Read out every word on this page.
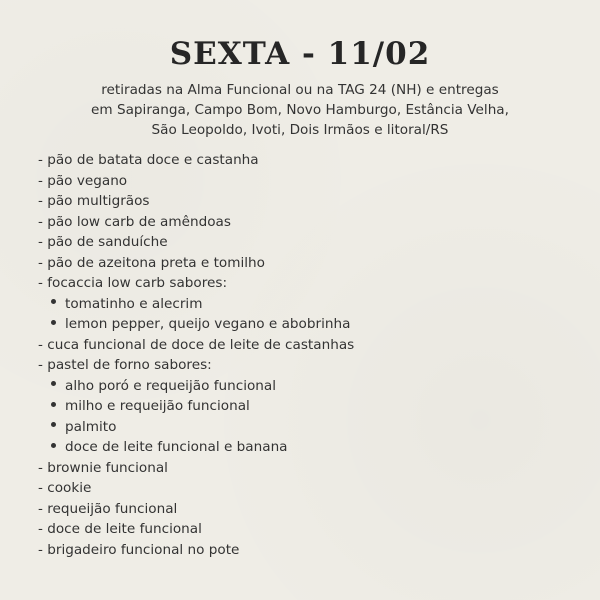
SEXTA - 11/02
retiradas na Alma Funcional ou na TAG 24 (NH) e entregas
em Sapiranga, Campo Bom, Novo Hamburgo, Estância Velha,
São Leopoldo, Ivoti, Dois Irmãos e litoral/RS
- pão de batata doce e castanha
- pão vegano
- pão multigrãos
- pão low carb de amêndoas
- pão de sanduíche
- pão de azeitona preta e tomilho
- focaccia low carb sabores:
tomatinho e alecrim
lemon pepper, queijo vegano e abobrinha
- cuca funcional de doce de leite de castanhas
- pastel de forno sabores:
alho poró e requeijão funcional
milho e requeijão funcional
palmito
doce de leite funcional e banana
- brownie funcional
- cookie
- requeijão funcional
- doce de leite funcional
- brigadeiro funcional no pote
